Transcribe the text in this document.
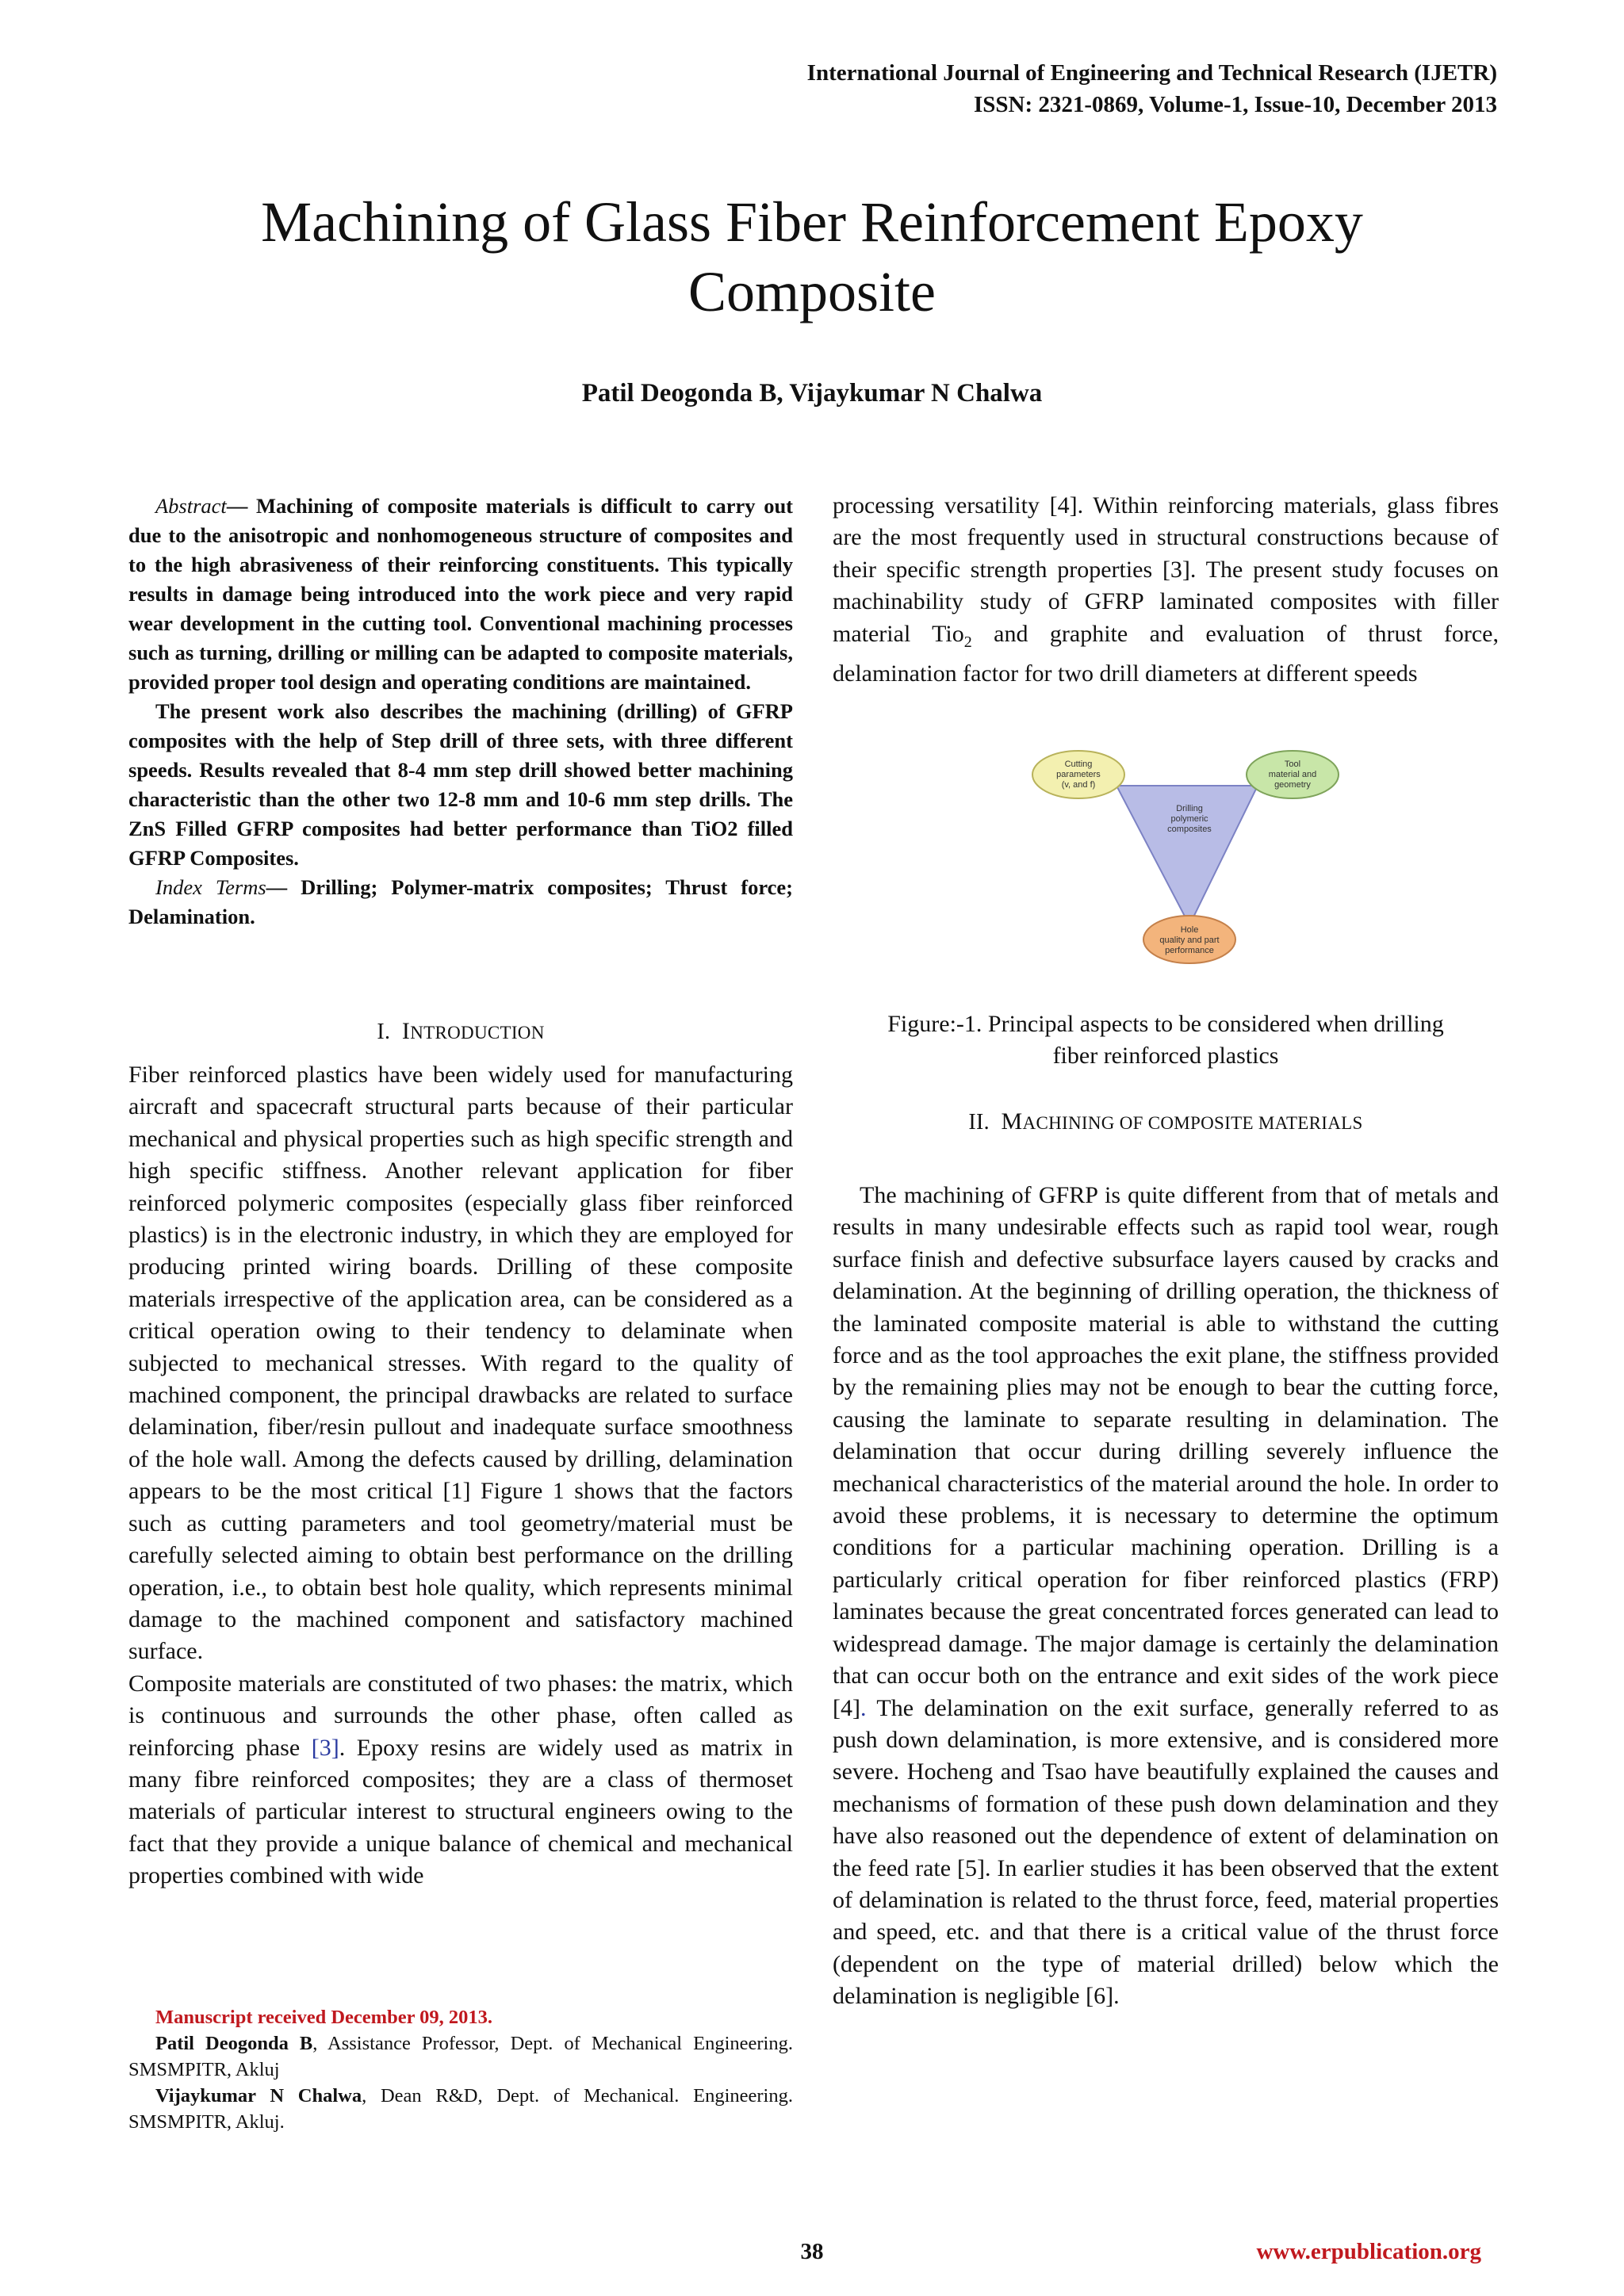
International Journal of Engineering and Technical Research (IJETR)
ISSN: 2321-0869, Volume-1, Issue-10, December 2013
Machining of Glass Fiber Reinforcement Epoxy
Composite
Patil Deogonda B, Vijaykumar N Chalwa

Abstract— Machining of composite materials is difficult to carry out due to the anisotropic and nonhomogeneous structure of composites and to the high abrasiveness of their reinforcing constituents. This typically results in damage being introduced into the work piece and very rapid wear development in the cutting tool. Conventional machining processes such as turning, drilling or milling can be adapted to composite materials, provided proper tool design and operating conditions are maintained.

The present work also describes the machining (drilling) of GFRP composites with the help of Step drill of three sets, with three different speeds. Results revealed that 8-4 mm step drill showed better machining characteristic than the other two 12-8 mm and 10-6 mm step drills. The ZnS Filled GFRP composites had better performance than TiO2 filled GFRP Composites.

Index Terms— Drilling; Polymer-matrix composites; Thrust force; Delamination.

I. INTRODUCTION

Fiber reinforced plastics have been widely used for manufacturing aircraft and spacecraft structural parts because of their particular mechanical and physical properties such as high specific strength and high specific stiffness. Another relevant application for fiber reinforced polymeric composites (especially glass fiber reinforced plastics) is in the electronic industry, in which they are employed for producing printed wiring boards. Drilling of these composite materials irrespective of the application area, can be considered as a critical operation owing to their tendency to delaminate when subjected to mechanical stresses. With regard to the quality of machined component, the principal drawbacks are related to surface delamination, fiber/resin pullout and inadequate surface smoothness of the hole wall. Among the defects caused by drilling, delamination appears to be the most critical [1] Figure 1 shows that the factors such as cutting parameters and tool geometry/material must be carefully selected aiming to obtain best performance on the drilling operation, i.e., to obtain best hole quality, which represents minimal damage to the machined component and satisfactory machined surface.

Composite materials are constituted of two phases: the matrix, which is continuous and surrounds the other phase, often called as reinforcing phase [3]. Epoxy resins are widely used as matrix in many fibre reinforced composites; they are a class of thermoset materials of particular interest to structural engineers owing to the fact that they provide a unique balance of chemical and mechanical properties combined with wide

Manuscript received December 09, 2013.

Patil Deogonda B, Assistance Professor, Dept. of Mechanical Engineering. SMSMPITR, Akluj

Vijaykumar N Chalwa, Dean R&D, Dept. of Mechanical. Engineering. SMSMPITR, Akluj.

processing versatility [4]. Within reinforcing materials, glass fibres are the most frequently used in structural constructions because of their specific strength properties [3]. The present study focuses on machinability study of GFRP laminated composites with filler material Tio$_2$ and graphite and evaluation of thrust force, delamination factor for two drill diameters at different speeds

Drilling
polymeric
composites
Cutting
parameters
(v, and f)
Tool
material and
geometry
Hole
quality and part
performance
Figure:-1. Principal aspects to be considered when drilling
fiber reinforced plastics
II. MACHINING OF COMPOSITE MATERIALS

The machining of GFRP is quite different from that of metals and results in many undesirable effects such as rapid tool wear, rough surface finish and defective subsurface layers caused by cracks and delamination. At the beginning of drilling operation, the thickness of the laminated composite material is able to withstand the cutting force and as the tool approaches the exit plane, the stiffness provided by the remaining plies may not be enough to bear the cutting force, causing the laminate to separate resulting in delamination. The delamination that occur during drilling severely influence the mechanical characteristics of the material around the hole. In order to avoid these problems, it is necessary to determine the optimum conditions for a particular machining operation. Drilling is a particularly critical operation for fiber reinforced plastics (FRP) laminates because the great concentrated forces generated can lead to widespread damage. The major damage is certainly the delamination that can occur both on the entrance and exit sides of the work piece [4]. The delamination on the exit surface, generally referred to as push down delamination, is more extensive, and is considered more severe. Hocheng and Tsao have beautifully explained the causes and mechanisms of formation of these push down delamination and they have also reasoned out the dependence of extent of delamination on the feed rate [5]. In earlier studies it has been observed that the extent of delamination is related to the thrust force, feed, material properties and speed, etc. and that there is a critical value of the thrust force (dependent on the type of material drilled) below which the delamination is negligible [6].

38	www.erpublication.org
